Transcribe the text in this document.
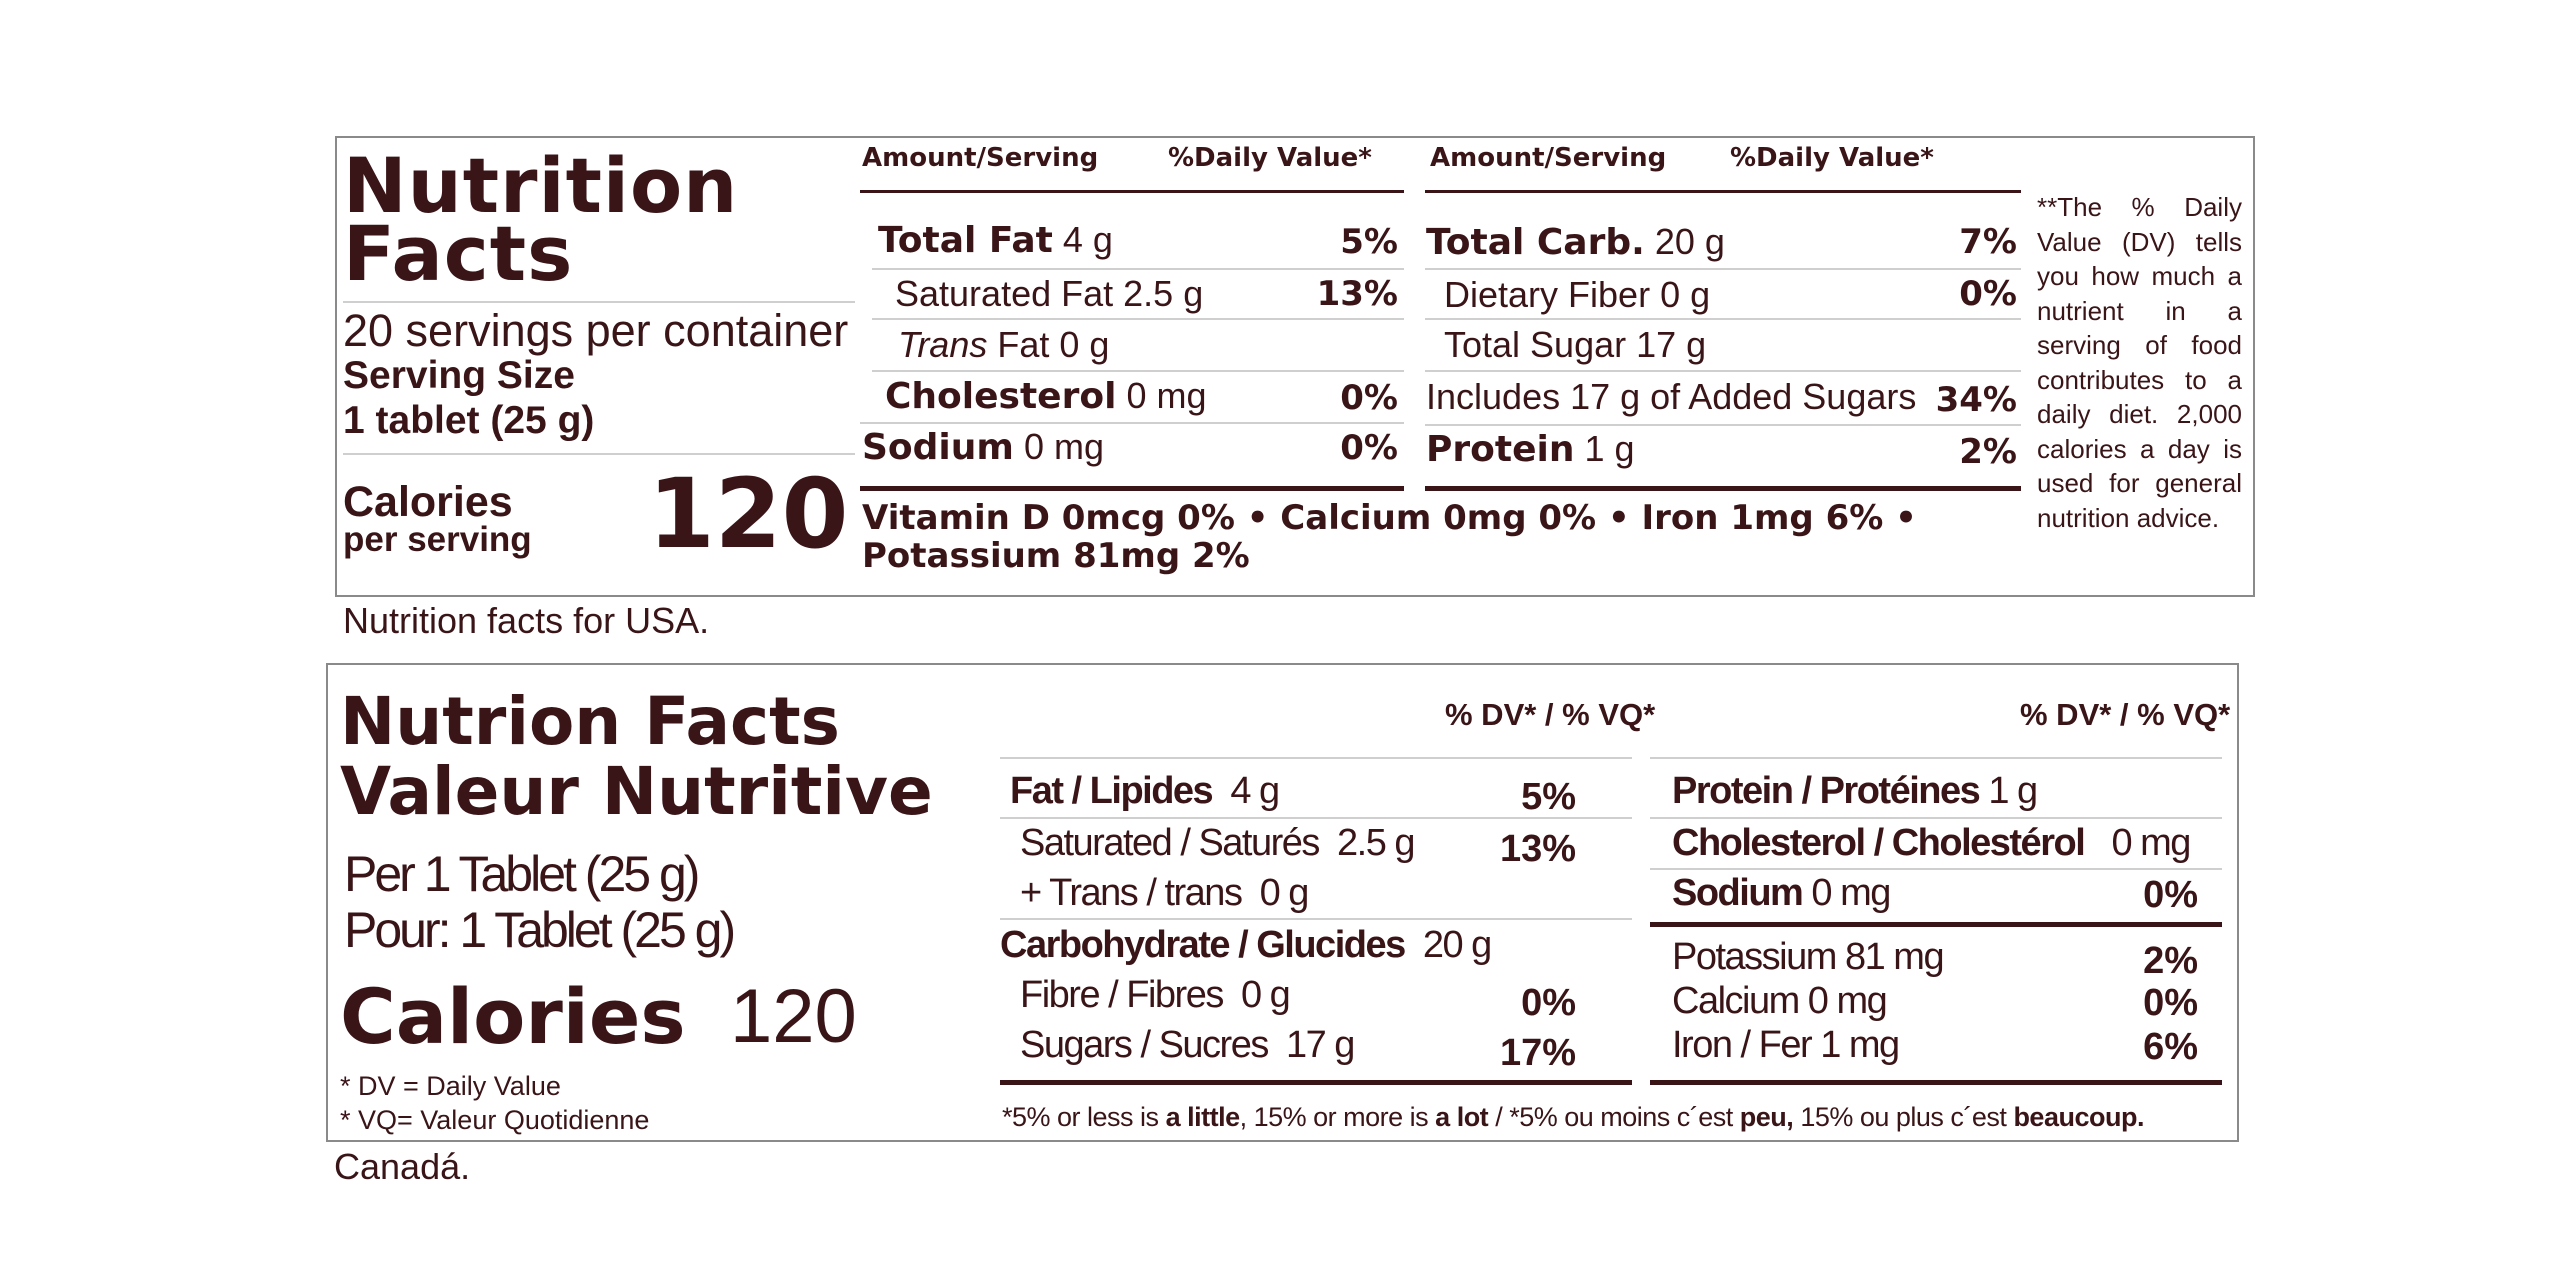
Nutrition
Facts
20 servings per container
Serving Size
1 tablet (25 g)
Calories
per serving 120
Amount/Serving	%Daily Value*
Total Fat 4 g	5%
Saturated Fat 2.5 g	13%
Trans Fat 0 g
Cholesterol 0 mg	0%
Sodium 0 mg	0%
Amount/Serving %Daily Value*
Total Carb. 20 g	7%
Dietary Fiber 0 g	0%
Total Sugar 17 g
Includes 17 g of Added Sugars 34%
Protein 1 g	2%
Vitamin D 0mcg 0% • Calcium 0mg 0% • Iron 1mg 6% •
Potassium 81mg 2%
**The % Daily Value (DV) tells you how much a nutrient in a serving of food contributes to a daily diet. 2,000 calories a day is used for general nutrition advice.
Nutrition facts for USA.
Nutrion Facts
Valeur Nutritive
Per 1 Tablet (25 g)
Pour: 1 Tablet (25 g)
Calories 120
* DV = Daily Value
* VQ= Valeur Quotidienne
% DV* / % VQ*
Fat / Lipides 4 g	5%
Saturated / Saturés 2.5 g	13%
+ Trans / trans 0 g
Carbohydrate / Glucides 20 g
Fibre / Fibres 0 g	0%
Sugars / Sucres 17 g	17%
% DV* / % VQ*
Protein / Protéines 1 g
Cholesterol / Cholestérol 0 mg
Sodium 0 mg	0%
Potassium 81 mg	2%
Calcium 0 mg	0%
Iron / Fer 1 mg	6%
*5% or less is a little, 15% or more is a lot / *5% ou moins c´est peu, 15% ou plus c´est beaucoup.
Canadá.
